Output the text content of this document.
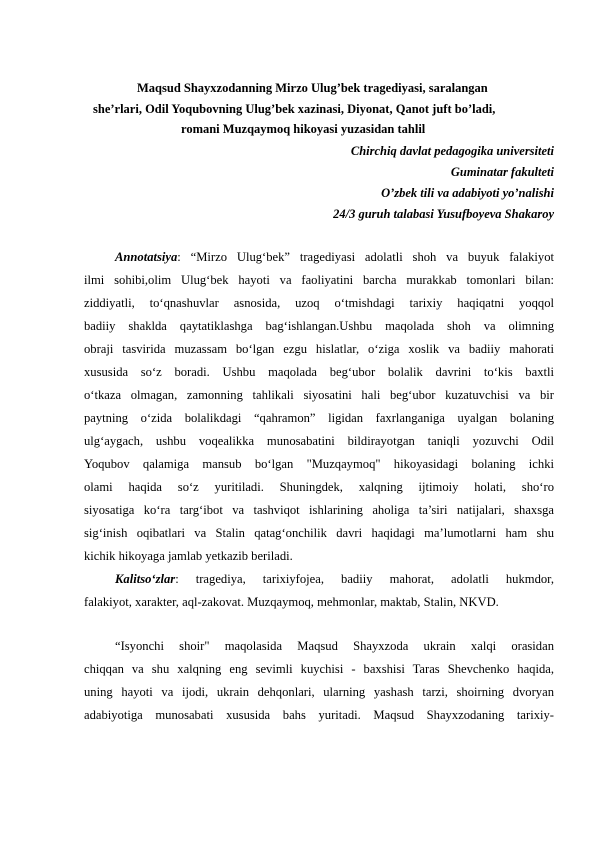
Maqsud Shayxzodanning Mirzo Ulug’bek tragediyasi, saralangan
she’rlari, Odil Yoqubovning Ulug’bek xazinasi, Diyonat, Qanot juft bo’ladi,
romani Muzqaymoq hikoyasi yuzasidan tahlil
Chirchiq davlat pedagogika universiteti
Guminatar fakulteti
O’zbek tili va adabiyoti yo’nalishi
24/3 guruh talabasi Yusufboyeva Shakaroy
Annotatsiya: “Mirzo Ulug‘bek” tragediyasi adolatli shoh va buyuk falakiyot
ilmi sohibi,olim Ulug‘bek hayoti va faoliyatini barcha murakkab tomonlari bilan:
ziddiyatli, to‘qnashuvlar asnosida, uzoq o‘tmishdagi tarixiy haqiqatni yoqqol
badiiy shaklda qaytatiklashga bag‘ishlangan.Ushbu maqolada shoh va olimning
obraji tasvirida muzassam bo‘lgan ezgu hislatlar, o‘ziga xoslik va badiiy mahorati
xususida so‘z boradi. Ushbu maqolada beg‘ubor bolalik davrini to‘kis baxtli
o‘tkaza olmagan, zamonning tahlikali siyosatini hali beg‘ubor kuzatuvchisi va bir
paytning o‘zida bolalikdagi “qahramon” ligidan faxrlanganiga uyalgan bolaning
ulg‘aygach, ushbu voqealikka munosabatini bildirayotgan taniqli yozuvchi Odil
Yoqubov qalamiga mansub bo‘lgan "Muzqaymoq" hikoyasidagi bolaning ichki
olami haqida so‘z yuritiladi. Shuningdek, xalqning ijtimoiy holati, sho‘ro
siyosatiga ko‘ra targ‘ibot va tashviqot ishlarining aholiga ta’siri natijalari, shaxsga
sig‘inish oqibatlari va Stalin qatag‘onchilik davri haqidagi ma’lumotlarni ham shu
kichik hikoyaga jamlab yetkazib beriladi.
Kalitso‘zlar: tragediya, tarixiyfojea, badiiy mahorat, adolatli hukmdor,
falakiyot, xarakter, aql-zakovat. Muzqaymoq, mehmonlar, maktab, Stalin, NKVD.
“Isyonchi shoir" maqolasida Maqsud Shayxzoda ukrain xalqi orasidan
chiqqan va shu xalqning eng sevimli kuychisi - baxshisi Taras Shevchenko haqida,
uning hayoti va ijodi, ukrain dehqonlari, ularning yashash tarzi, shoirning dvoryan
adabiyotiga munosabati xususida bahs yuritadi. Maqsud Shayxzodaning tarixiy-
